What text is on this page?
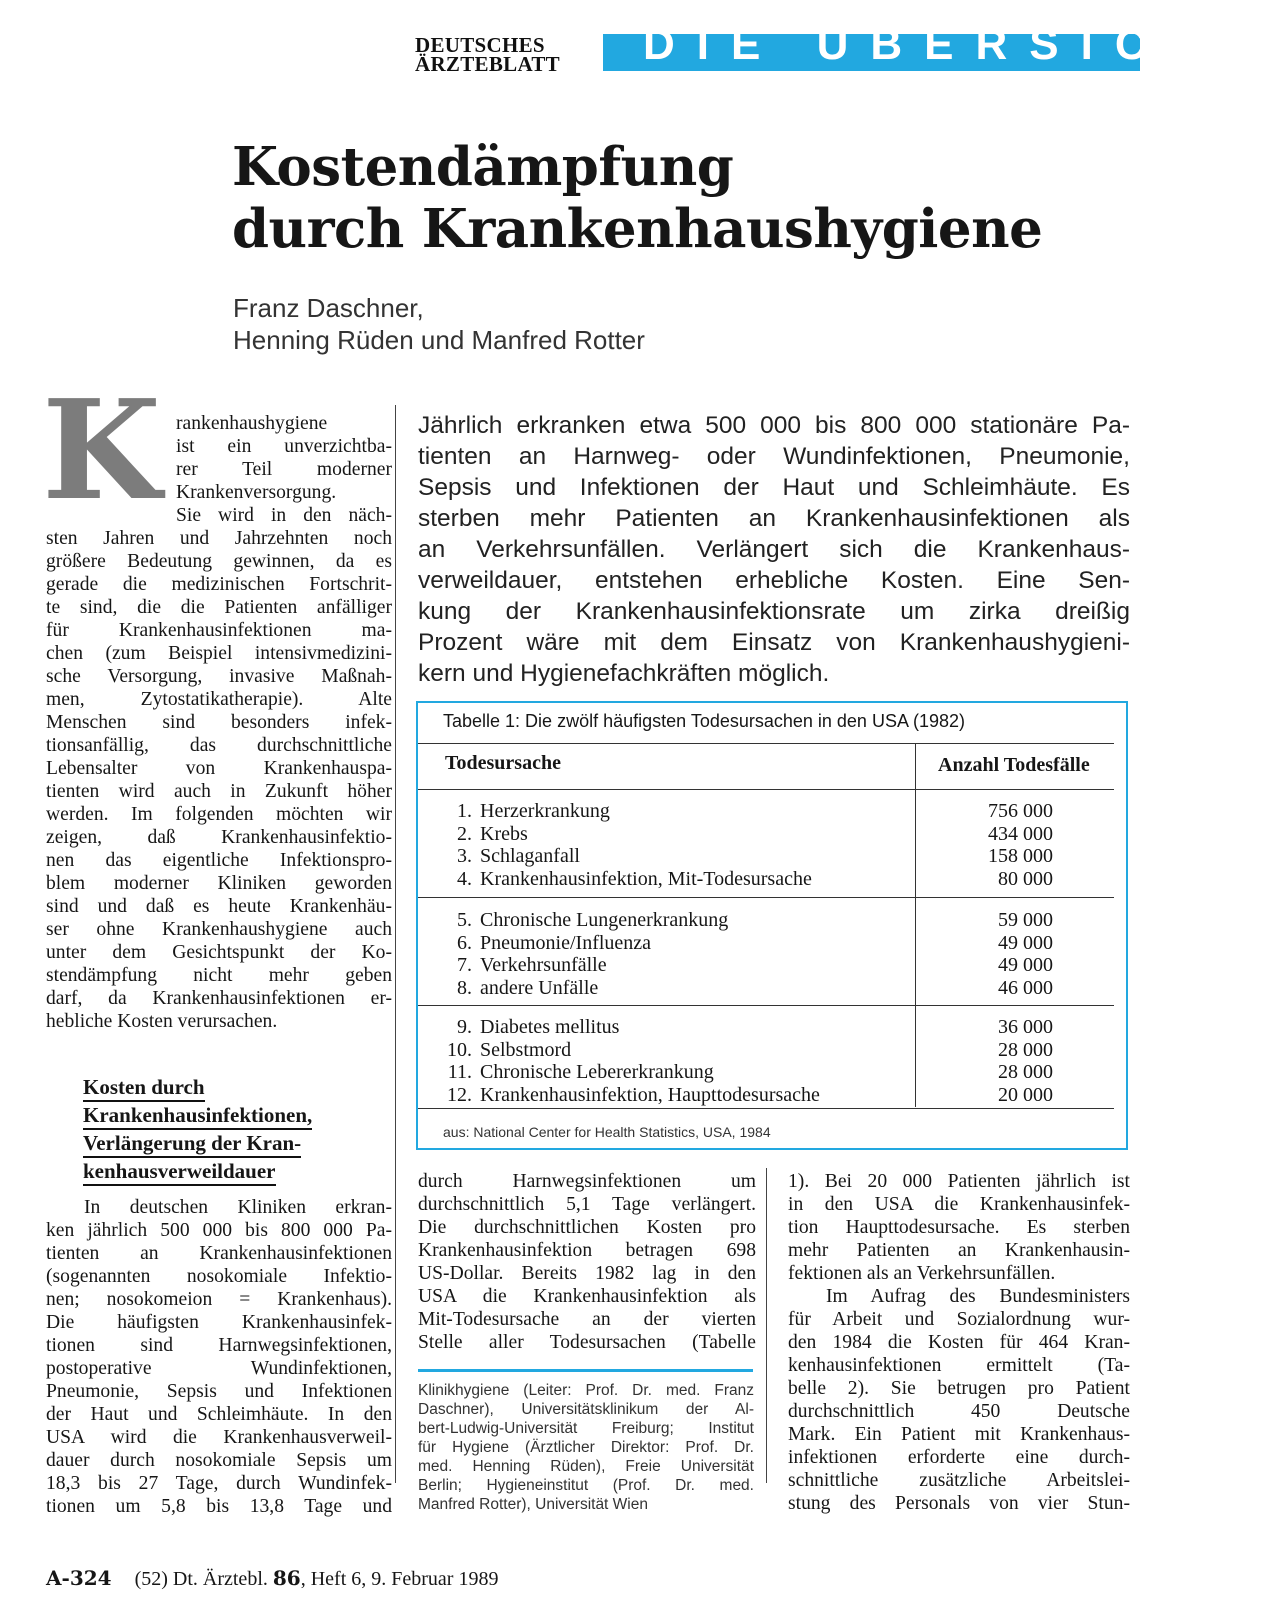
DEUTSCHES
ÄRZTEBLATT DIE ÜBERSICHT
Kostendämpfung
durch Krankenhaushygiene
Franz Daschner,
Henning Rüden und Manfred Rotter
K rankenhaushygiene
ist ein unverzichtba-
rer Teil moderner
Krankenversorgung.
Sie wird in den näch-
sten Jahren und Jahrzehnten noch
größere Bedeutung gewinnen, da es
gerade die medizinischen Fortschrit-
te sind, die die Patienten anfälliger
für Krankenhausinfektionen ma-
chen (zum Beispiel intensivmedizini-
sche Versorgung, invasive Maßnah-
men, Zytostatikatherapie). Alte
Menschen sind besonders infek-
tionsanfällig, das durchschnittliche
Lebensalter von Krankenhauspa-
tienten wird auch in Zukunft höher
werden. Im folgenden möchten wir
zeigen, daß Krankenhausinfektio-
nen das eigentliche Infektionspro-
blem moderner Kliniken geworden
sind und daß es heute Krankenhäu-
ser ohne Krankenhaushygiene auch
unter dem Gesichtspunkt der Ko-
stendämpfung nicht mehr geben
darf, da Krankenhausinfektionen er-
hebliche Kosten verursachen.
Kosten durch
Krankenhausinfektionen,
Verlängerung der Kran-
kenhausverweildauer
In deutschen Kliniken erkran-
ken jährlich 500 000 bis 800 000 Pa-
tienten an Krankenhausinfektionen
(sogenannten nosokomiale Infektio-
nen; nosokomeion = Krankenhaus).
Die häufigsten Krankenhausinfek-
tionen sind Harnwegsinfektionen,
postoperative Wundinfektionen,
Pneumonie, Sepsis und Infektionen
der Haut und Schleimhäute. In den
USA wird die Krankenhausverweil-
dauer durch nosokomiale Sepsis um
18,3 bis 27 Tage, durch Wundinfek-
tionen um 5,8 bis 13,8 Tage und
Jährlich erkranken etwa 500 000 bis 800 000 stationäre Pa-
tienten an Harnweg- oder Wundinfektionen, Pneumonie,
Sepsis und Infektionen der Haut und Schleimhäute. Es
sterben mehr Patienten an Krankenhausinfektionen als
an Verkehrsunfällen. Verlängert sich die Krankenhaus-
verweildauer, entstehen erhebliche Kosten. Eine Sen-
kung der Krankenhausinfektionsrate um zirka dreißig
Prozent wäre mit dem Einsatz von Krankenhaushygieni-
kern und Hygienefachkräften möglich.
Tabelle 1: Die zwölf häufigsten Todesursachen in den USA (1982)
Todesursache	Anzahl Todesfälle
1. Herzerkrankung	756 000
2. Krebs	434 000
3. Schlaganfall	158 000
4. Krankenhausinfektion, Mit-Todesursache	80 000
5. Chronische Lungenerkrankung	59 000
6. Pneumonie/Influenza	49 000
7. Verkehrsunfälle	49 000
8. andere Unfälle	46 000
9. Diabetes mellitus	36 000
10. Selbstmord	28 000
11. Chronische Lebererkrankung	28 000
12. Krankenhausinfektion, Haupttodesursache	20 000
aus: National Center for Health Statistics, USA, 1984
durch Harnwegsinfektionen um
durchschnittlich 5,1 Tage verlängert.
Die durchschnittlichen Kosten pro
Krankenhausinfektion betragen 698
US-Dollar. Bereits 1982 lag in den
USA die Krankenhausinfektion als
Mit-Todesursache an der vierten
Stelle aller Todesursachen (Tabelle
Klinikhygiene (Leiter: Prof. Dr. med. Franz
Daschner), Universitätsklinikum der Al-
bert-Ludwig-Universität Freiburg; Institut
für Hygiene (Ärztlicher Direktor: Prof. Dr.
med. Henning Rüden), Freie Universität
Berlin; Hygieneinstitut (Prof. Dr. med.
Manfred Rotter), Universität Wien
1). Bei 20 000 Patienten jährlich ist
in den USA die Krankenhausinfek-
tion Haupttodesursache. Es sterben
mehr Patienten an Krankenhausin-
fektionen als an Verkehrsunfällen.
Im Aufrag des Bundesministers
für Arbeit und Sozialordnung wur-
den 1984 die Kosten für 464 Kran-
kenhausinfektionen ermittelt (Ta-
belle 2). Sie betrugen pro Patient
durchschnittlich 450 Deutsche
Mark. Ein Patient mit Krankenhaus-
infektionen erforderte eine durch-
schnittliche zusätzliche Arbeitslei-
stung des Personals von vier Stun-
A-324 (52) Dt. Ärztebl. 86, Heft 6, 9. Februar 1989
